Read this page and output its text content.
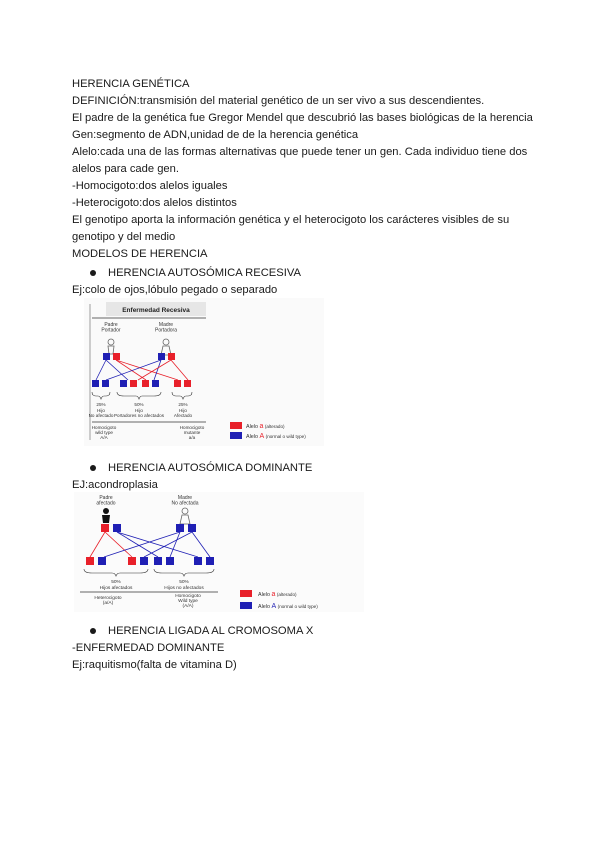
HERENCIA GENÉTICA
DEFINICIÓN:transmisión del material genético de un ser vivo a sus descendientes.
El padre de la genética fue Gregor Mendel que descubrió las bases biológicas de la herencia
Gen:segmento de ADN,unidad de de la herencia genética
Alelo:cada una de las formas alternativas que puede tener un gen. Cada individuo tiene dos
alelos para cade gen.
-Homocigoto:dos alelos iguales
-Heterocigoto:dos alelos distintos
El genotipo aporta la información genética y el heterocigoto los carácteres visibles de su
genotipo y del medio
MODELOS DE HERENCIA
HERENCIA AUTOSÓMICA RECESIVA
Ej:colo de ojos,lóbulo pegado o separado
Enfermedad Recesiva
Padre Portador
Madre Portadora
25%	50%	25%
Hijo No afectado
Hijo Portadores no afectados
Hijo Afectado
Homocigoto wild type A/A
Homocigoto mutante a/a
Alelo a (alterado)
Alelo A (normal o wild type)
HERENCIA AUTOSÓMICA DOMINANTE
EJ:acondroplasia
Padre afectado
Madre No afectada
50%	50%
Hijos afectados	Hijos no afectados
Heterocigoto (a/A)
Homocigoto Wild type (A/A)
Alelo a (alterado)
Alelo A (normal o wild type)
HERENCIA LIGADA AL CROMOSOMA X
-ENFERMEDAD DOMINANTE
Ej:raquitismo(falta de vitamina D)
